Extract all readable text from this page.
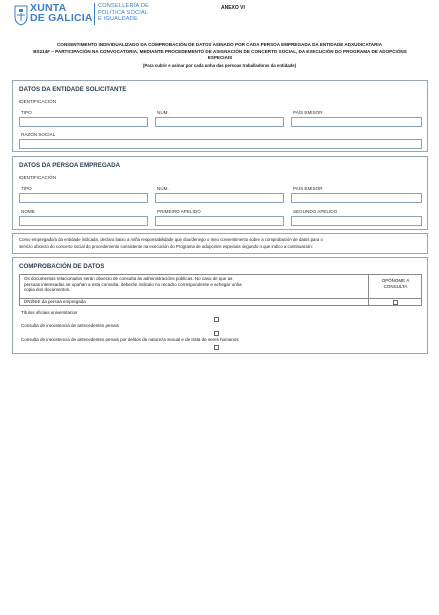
XUNTA
DE GALICIA
CONSELLERÍA DE
POLÍTICA SOCIAL
E IGUALDADE
ANEXO VI
CONSENTIMENTO INDIVIDUALIZADO DA COMPROBACIÓN DE DATOS ASINADO POR CADA PERSOA EMPREGADA DA ENTIDADE ADXUDICATARIA
BS214F – PARTICIPACIÓN NA CONVOCATORIA, MEDIANTE PROCEDEMENTO DE ASIGNACIÓN DE CONCERTO SOCIAL, DA EXECUCIÓN DO PROGRAMA DE ADOPCIÓNS ESPECIAIS
(Para cubrir e asinar por cada unha das persoas traballadoras da entidade)
DATOS DA ENTIDADE SOLICITANTE
IDENTIFICACIÓN
TIPO	NÚM.	PAÍS EMISOR
RAZÓN SOCIAL
DATOS DA PERSOA EMPREGADA
IDENTIFICACIÓN
TIPO	NÚM.	PAÍS EMISOR
NOME	PRIMEIRO APELIDO	SEGUNDO APELIDO
Como empregado/a da entidade indicada, declaro baixo a miña responsabilidade que dou/denego o meu consentimento sobre a comprobación de datos para o
servizo obxecto do concerto social do procedemento consistente na execución do Programa de adopcións especiais segundo o que indico a continuación:
COMPROBACIÓN DE DATOS
Os documentos relacionados serán obxecto de consulta ás administracións públicas. No caso de que as
persoas interesadas se opoñan a esta consulta, deberán indicalo no recadro correspondente e achegar unha
copia dos documentos.
OPÓÑOME Á
CONSULTA
DNI/NIE da persoa empregada
Títulos oficiais universitarios
Consulta de inexistencia de antecedentes penais
Consulta de inexistencia de antecedentes penais por delitos de natureza sexual e de trata de seres humanos
